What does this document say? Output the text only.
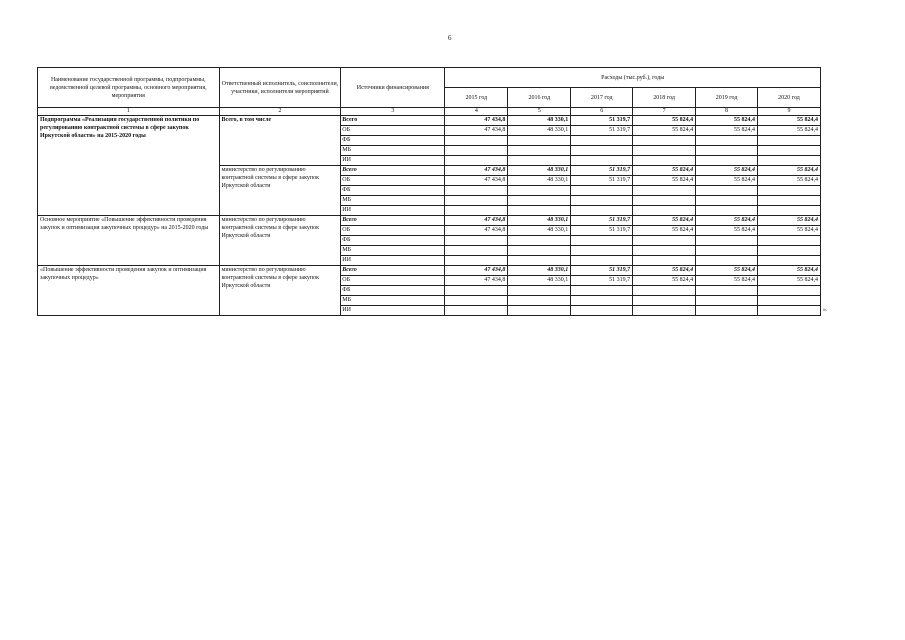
6
Наименование государственной программы, подпрограммы, ведомственной целевой программы, основного мероприятия, мероприятия	Ответственный исполнитель, соисполнители, участники, исполнители мероприятий	Источники финансирования	Расходы (тыс.руб.), годы					
			2015 год	2016 год	2017 год	2018 год	2019 год	2020 год
1	2	3	4	5	6	7	8	9
Подпрограмма «Реализация государственной политики по регулированию контрактной системы в сфере закупок Иркутской области» на 2015-2020 годы	Всего, в том числе	Всего	47 434,8	48 330,1	51 319,7	55 824,4	55 824,4	55 824,4
		ОБ	47 434,8	48 330,1	51 319,7	55 824,4	55 824,4	55 824,4
		ФБ						
		МБ						
		ИИ						
	министерство по регулированию контрактной системы в сфере закупок Иркутской области	Всего	47 434,8	48 330,1	51 319,7	55 824,4	55 824,4	55 824,4
		ОБ	47 434,8	48 330,1	51 319,7	55 824,4	55 824,4	55 824,4
		ФБ						
		МБ						
		ИИ						
Основное мероприятие «Повышение эффективности проведения закупок и оптимизация закупочных процедур» на 2015-2020 годы	министерство по регулированию контрактной системы в сфере закупок Иркутской области	Всего	47 434,8	48 330,1	51 319,7	55 824,4	55 824,4	55 824,4
		ОБ	47 434,8	48 330,1	51 319,7	55 824,4	55 824,4	55 824,4
		ФБ						
		МБ						
		ИИ						
«Повышение эффективности проведения закупок и оптимизация закупочных процедур»	министерство по регулированию контрактной системы в сфере закупок Иркутской области	Всего	47 434,8	48 330,1	51 319,7	55 824,4	55 824,4	55 824,4
		ОБ	47 434,8	48 330,1	51 319,7	55 824,4	55 824,4	55 824,4
		ФБ						
		МБ						
		ИИ							».
